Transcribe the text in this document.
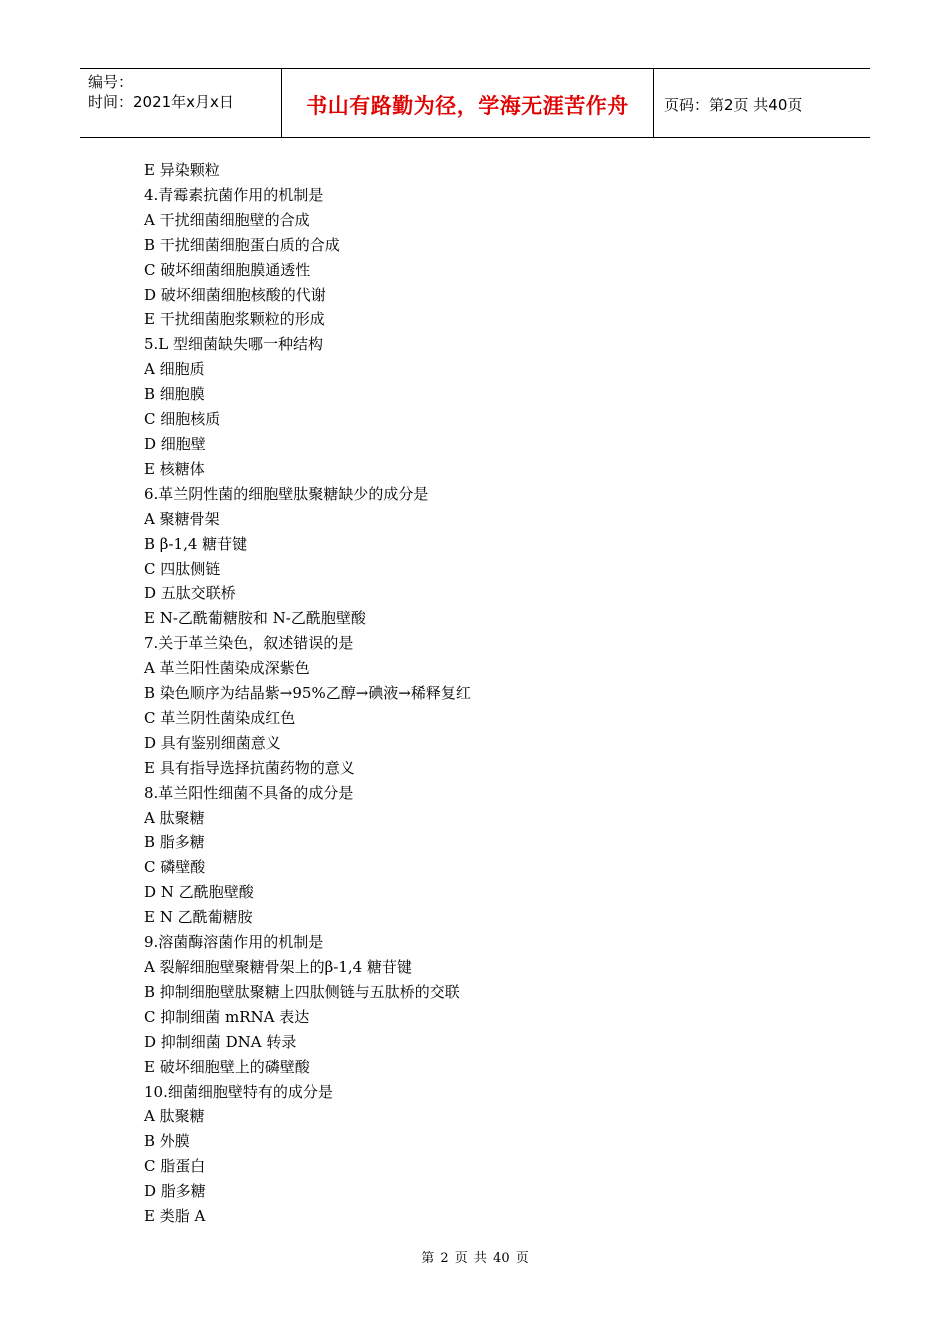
编号：
时间：2021年x月x日	书山有路勤为径，学海无涯苦作舟 页码：第2页 共40页
E 异染颗粒
4.青霉素抗菌作用的机制是
A 干扰细菌细胞壁的合成
B 干扰细菌细胞蛋白质的合成
C 破坏细菌细胞膜通透性
D 破坏细菌细胞核酸的代谢
E 干扰细菌胞浆颗粒的形成
5.L 型细菌缺失哪一种结构
A 细胞质
B 细胞膜
C 细胞核质
D 细胞壁
E 核糖体
6.革兰阴性菌的细胞壁肽聚糖缺少的成分是
A 聚糖骨架
B β-1,4 糖苷键
C 四肽侧链
D 五肽交联桥
E N-乙酰葡糖胺和 N-乙酰胞壁酸
7.关于革兰染色，叙述错误的是
A 革兰阳性菌染成深紫色
B 染色顺序为结晶紫→95%乙醇→碘液→稀释复红
C 革兰阴性菌染成红色
D 具有鉴别细菌意义
E 具有指导选择抗菌药物的意义
8.革兰阳性细菌不具备的成分是
A 肽聚糖
B 脂多糖
C 磷壁酸
D N 乙酰胞壁酸
E N 乙酰葡糖胺
9.溶菌酶溶菌作用的机制是
A 裂解细胞壁聚糖骨架上的β-1,4 糖苷键
B 抑制细胞壁肽聚糖上四肽侧链与五肽桥的交联
C 抑制细菌 mRNA 表达
D 抑制细菌 DNA 转录
E 破坏细胞壁上的磷壁酸
10.细菌细胞壁特有的成分是
A 肽聚糖
B 外膜
C 脂蛋白
D 脂多糖
E 类脂 A
第 2 页 共 40 页
